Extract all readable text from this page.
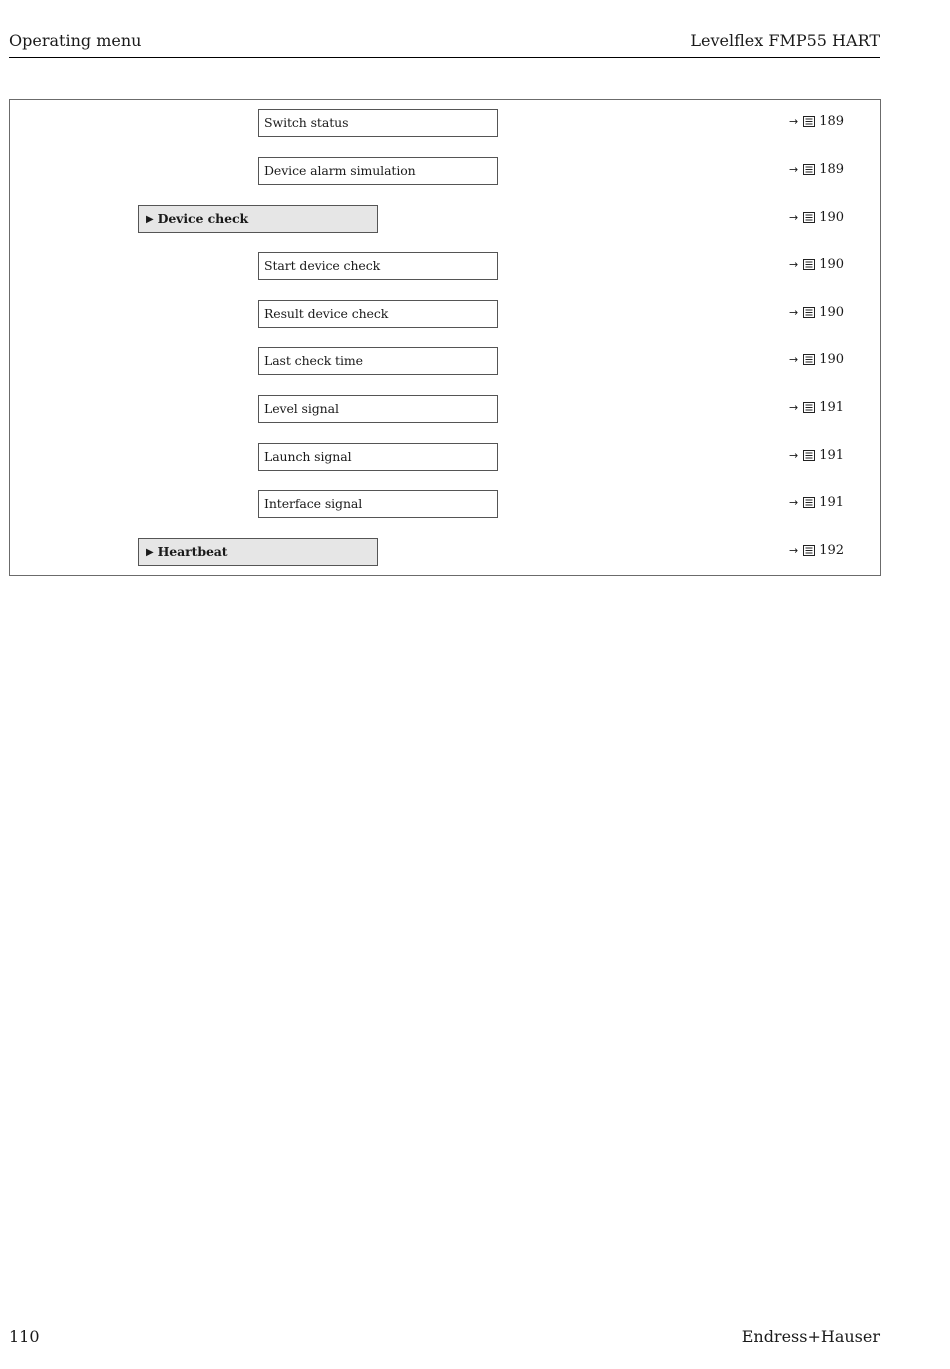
Operating menu	Levelflex FMP55 HART
Switch status	→ 189
Device alarm simulation	→ 189
▶ Device check	→ 190
Start device check	→ 190
Result device check	→ 190
Last check time	→ 190
Level signal	→ 191
Launch signal	→ 191
Interface signal	→ 191
▶ Heartbeat	→ 192
110	Endress+Hauser
